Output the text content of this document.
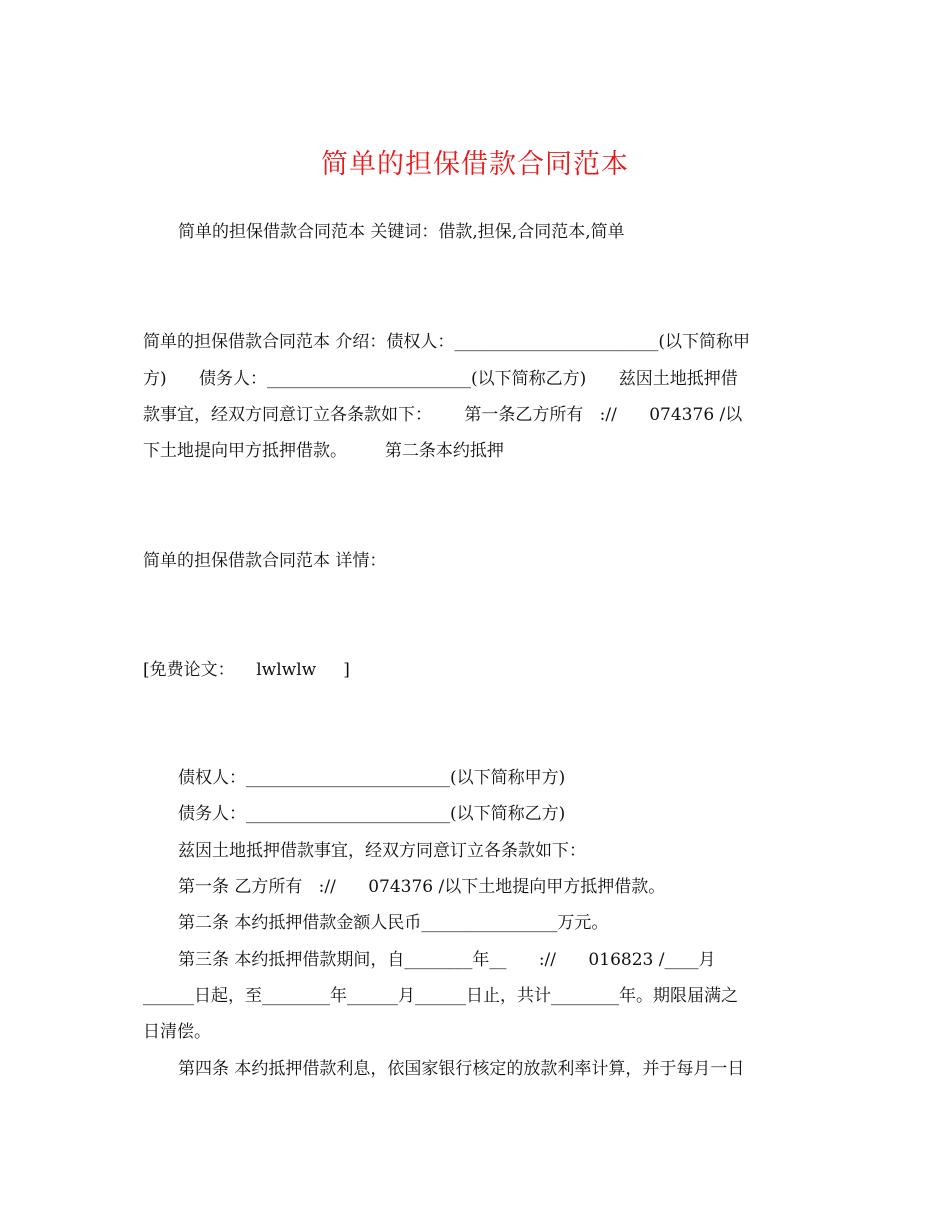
简单的担保借款合同范本
简单的担保借款合同范本 关键词：借款,担保,合同范本,简单
简单的担保借款合同范本 介绍：债权人：________________________(以下简称甲
方)      债务人：________________________(以下简称乙方)      兹因土地抵押借
款事宜，经双方同意订立各条款如下：      第一条乙方所有   ://      074376 /以
下土地提向甲方抵押借款。       第二条本约抵押
简单的担保借款合同范本 详情：
[免费论文：    lwlwlw     ]
债权人：________________________(以下简称甲方)
债务人：________________________(以下简称乙方)
兹因土地抵押借款事宜，经双方同意订立各条款如下：
第一条 乙方所有   ://      074376 /以下土地提向甲方抵押借款。
第二条 本约抵押借款金额人民币________________万元。
第三条 本约抵押借款期间，自________年__      ://      016823 /____月
______日起，至________年______月______日止，共计________年。期限届满之
日清偿。
第四条 本约抵押借款利息，依国家银行核定的放款利率计算，并于每月一日
